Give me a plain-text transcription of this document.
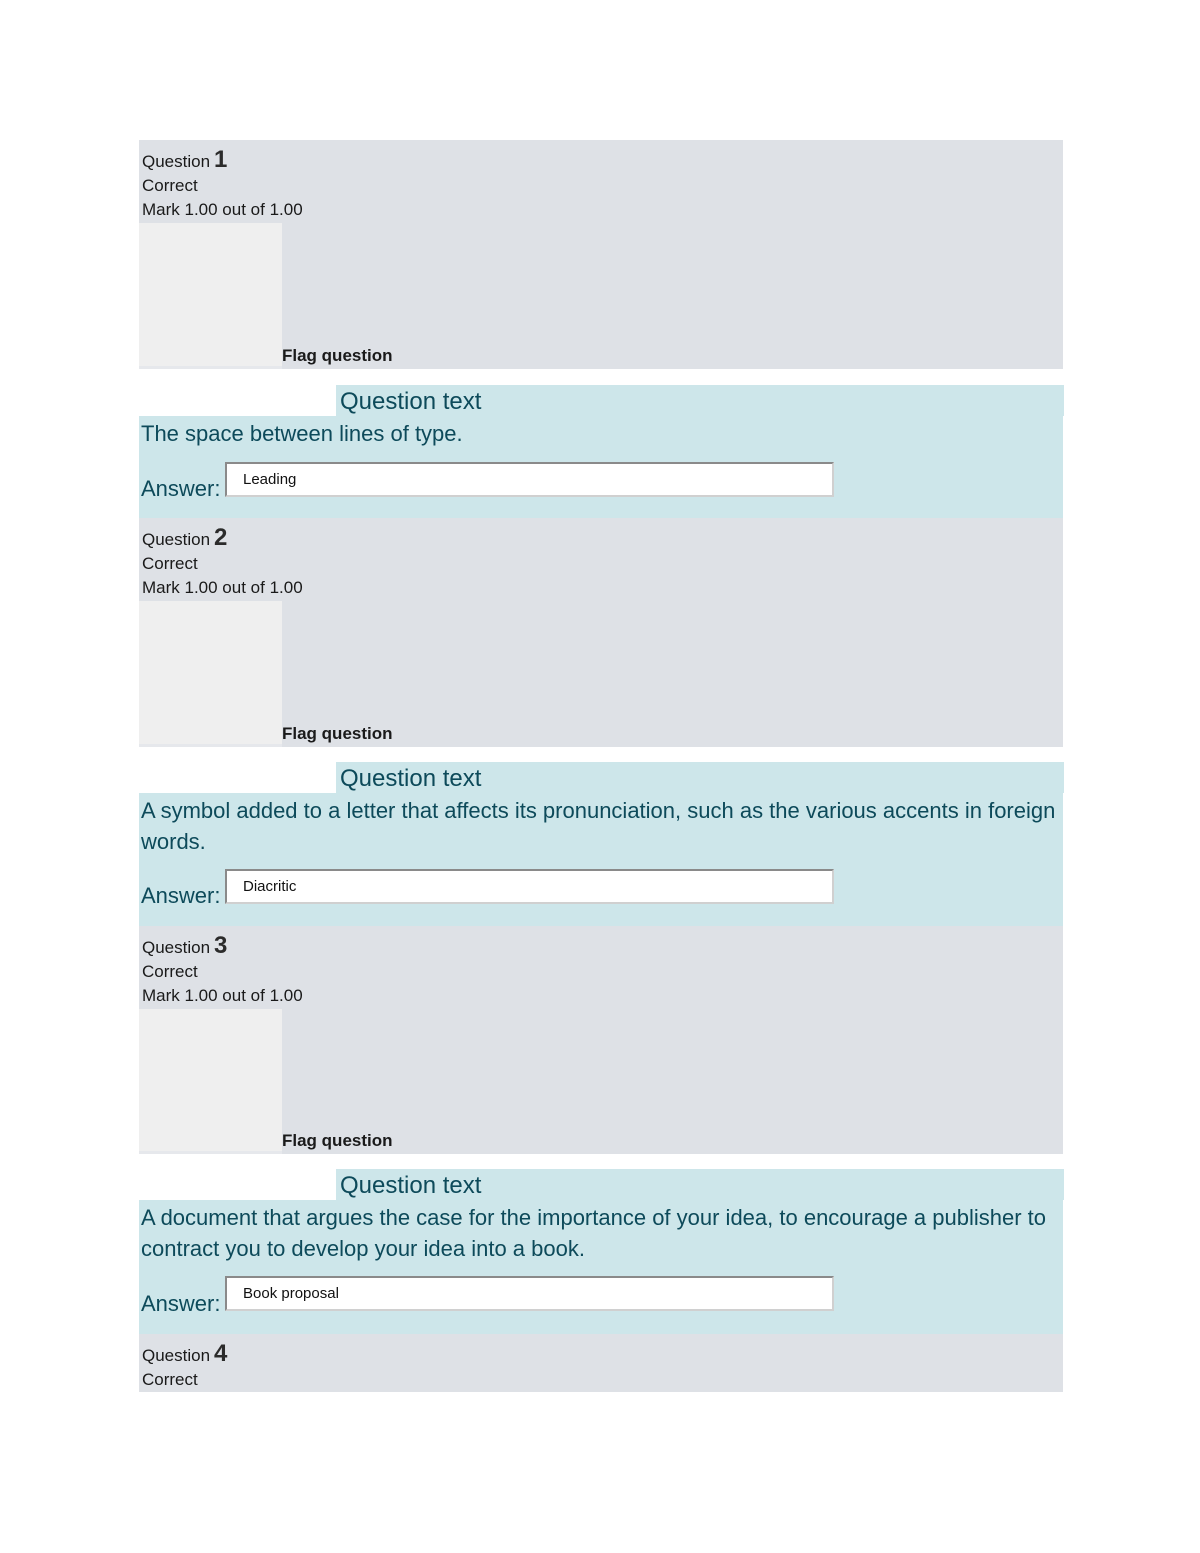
Question 1
Correct
Mark 1.00 out of 1.00
Flag question
Question text
The space between lines of type.
Answer:
Leading
Question 2
Correct
Mark 1.00 out of 1.00
Flag question
Question text
A symbol added to a letter that affects its pronunciation, such as the various accents in foreign words.
Answer:
Diacritic
Question 3
Correct
Mark 1.00 out of 1.00
Flag question
Question text
A document that argues the case for the importance of your idea, to encourage a publisher to contract you to develop your idea into a book.
Answer:
Book proposal
Question 4
Correct
